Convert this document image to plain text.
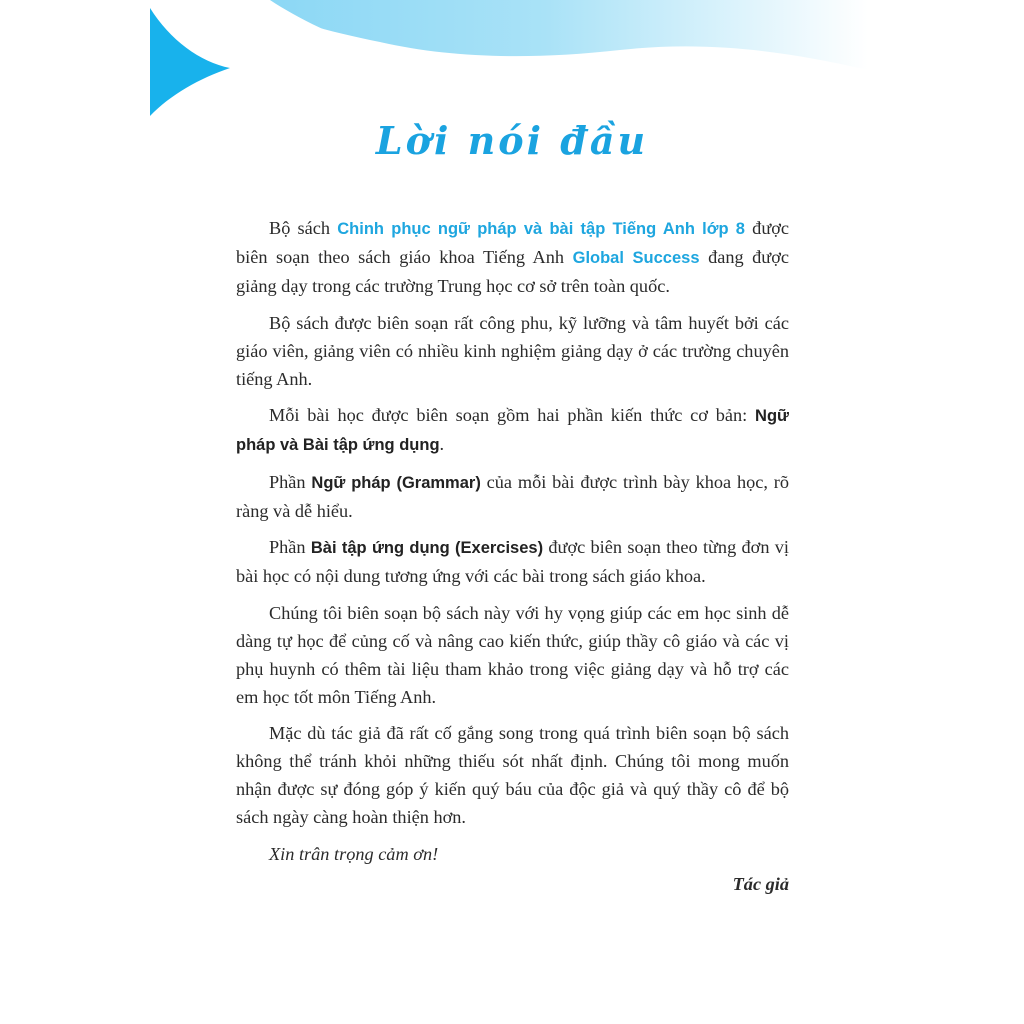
Lời nói đầu

Bộ sách Chinh phục ngữ pháp và bài tập Tiếng Anh lớp 8 được biên soạn theo sách giáo khoa Tiếng Anh Global Success đang được giảng dạy trong các trường Trung học cơ sở trên toàn quốc.

Bộ sách được biên soạn rất công phu, kỹ lưỡng và tâm huyết bởi các giáo viên, giảng viên có nhiều kinh nghiệm giảng dạy ở các trường chuyên tiếng Anh.

Mỗi bài học được biên soạn gồm hai phần kiến thức cơ bản: Ngữ pháp và Bài tập ứng dụng.

Phần Ngữ pháp (Grammar) của mỗi bài được trình bày khoa học, rõ ràng và dễ hiểu.

Phần Bài tập ứng dụng (Exercises) được biên soạn theo từng đơn vị bài học có nội dung tương ứng với các bài trong sách giáo khoa.

Chúng tôi biên soạn bộ sách này với hy vọng giúp các em học sinh dễ dàng tự học để củng cố và nâng cao kiến thức, giúp thầy cô giáo và các vị phụ huynh có thêm tài liệu tham khảo trong việc giảng dạy và hỗ trợ các em học tốt môn Tiếng Anh.

Mặc dù tác giả đã rất cố gắng song trong quá trình biên soạn bộ sách không thể tránh khỏi những thiếu sót nhất định. Chúng tôi mong muốn nhận được sự đóng góp ý kiến quý báu của độc giả và quý thầy cô để bộ sách ngày càng hoàn thiện hơn.

Xin trân trọng cảm ơn!

Tác giả
